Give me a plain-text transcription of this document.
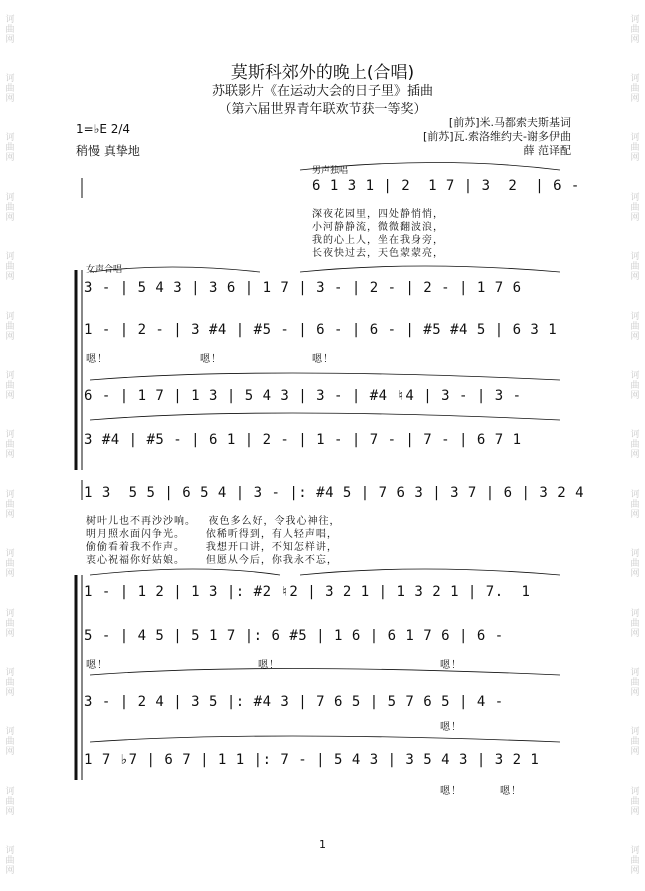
诃曲网
诃曲网
诃曲网
诃曲网
诃曲网
诃曲网
诃曲网
诃曲网
诃曲网
诃曲网
诃曲网
诃曲网
诃曲网
诃曲网
诃曲网
诃曲网
诃曲网
诃曲网
诃曲网
诃曲网
诃曲网
诃曲网
诃曲网
诃曲网
诃曲网
诃曲网
诃曲网
诃曲网
诃曲网
诃曲网
莫斯科郊外的晚上(合唱)
苏联影片《在运动大会的日子里》插曲
（第六届世界青年联欢节获一等奖）
1=♭E 2/4
稍慢 真挚地
[前苏]米.马都索夫斯基词
[前苏]瓦.索洛维约夫-谢多伊曲
薛 范译配
男声独唱
6 1 3 1 | 2  1 7 | 3  2  | 6 -
深夜花园里，四处静悄悄，
小河静静流，微微翻波浪，
我的心上人，坐在我身旁，
长夜快过去，天色蒙蒙亮，
女声合唱
3 - | 5 4 3 | 3 6 | 1 7 | 3 - | 2 - | 2 - | 1 7 6
1 - | 2 - | 3 #4 | #5 - | 6 - | 6 - | #5 #4 5 | 6 3 1
嗯！	嗯！	嗯！
6 - | 1 7 | 1 3 | 5 4 3 | 3 - | #4 ♮4 | 3 - | 3 -
3 #4 | #5 - | 6 1 | 2 - | 1 - | 7 - | 7 - | 6 7 1
1 3  5 5 | 6 5 4 | 3 - |: #4 5 | 7 6 3 | 3 7 | 6 | 3 2 4
树叶儿也不再沙沙响。   夜色多么好，令我心神往，
明月照水面闪争光。     依稀听得到，有人轻声唱，
偷偷看着我不作声。     我想开口讲，不知怎样讲，
衷心祝福你好姑娘。     但愿从今后，你我永不忘，
1 - | 1 2 | 1 3 |: #2 ♮2 | 3 2 1 | 1 3 2 1 | 7.  1
5 - | 4 5 | 5 1 7 |: 6 #5 | 1 6 | 6 1 7 6 | 6 -
嗯！	嗯！	嗯！
3 - | 2 4 | 3 5 |: #4 3 | 7 6 5 | 5 7 6 5 | 4 -
嗯！
1 7 ♭7 | 6 7 | 1 1 |: 7 - | 5 4 3 | 3 5 4 3 | 3 2 1
嗯！	嗯！
1
